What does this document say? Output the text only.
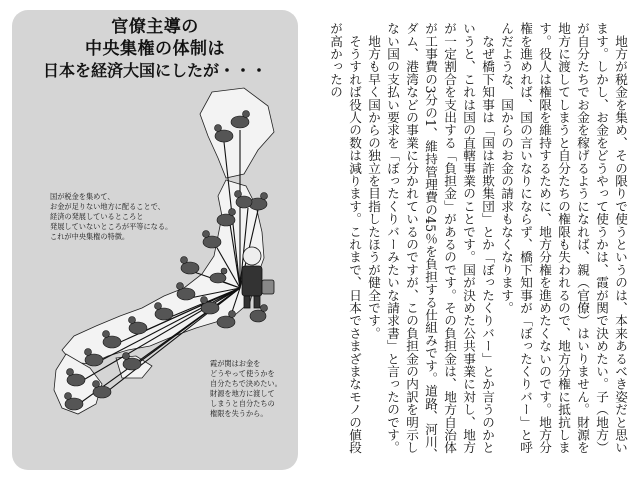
官僚主導の
中央集権の体制は
日本を経済大国にしたが・・・
国が税金を集めて、
お金が足りない地方に配ることで、
経済の発展しているところと
発展していないところが平等になる。
これが中央集権の特徴。
霞が関はお金を
どうやって使うかを
自分たちで決めたい。
財源を地方に渡して
しまうと自分たちの
権限を失うから。	　地方が税金を集め、その限りで使うというのは、本来あるべき姿だと思います。しかし、お金をどうやって使うかは、霞が関で決めたい。子（地方）が自分たちでお金を稼げるようになれば、親（官僚）はいりません。財源を地方に渡してしまうと自分たちの権限も失われるので、地方分権に抵抗します。役人は権限を維持するために、地方分権を進めたくないのです。地方分権を進めれば、国の言いなりにならず、橋下知事が「ぼったくりバー」と呼んだような、国からのお金の請求もなくなります。

　なぜ橋下知事は「国は詐欺集団」とか「ぼったくりバー」とか言うのかというと、これは国の直轄事業のことです。国が決めた公共事業に対し、地方が一定割合を支出する「負担金」があるのです。その負担金は、地方自治体が工事費の3分の1、維持管理費の45％を負担する仕組みです。道路、河川、ダム、港湾などの事業に分かれているのですが、この負担金の内訳を明示しない国の支払い要求を「ぼったくりバーみたいな請求書」と言ったのです。

　地方も早く国からの独立を目指したほうが健全です。

　そうすれば役人の数は減ります。これまで、日本でさまざまなモノの値段が高かったの
